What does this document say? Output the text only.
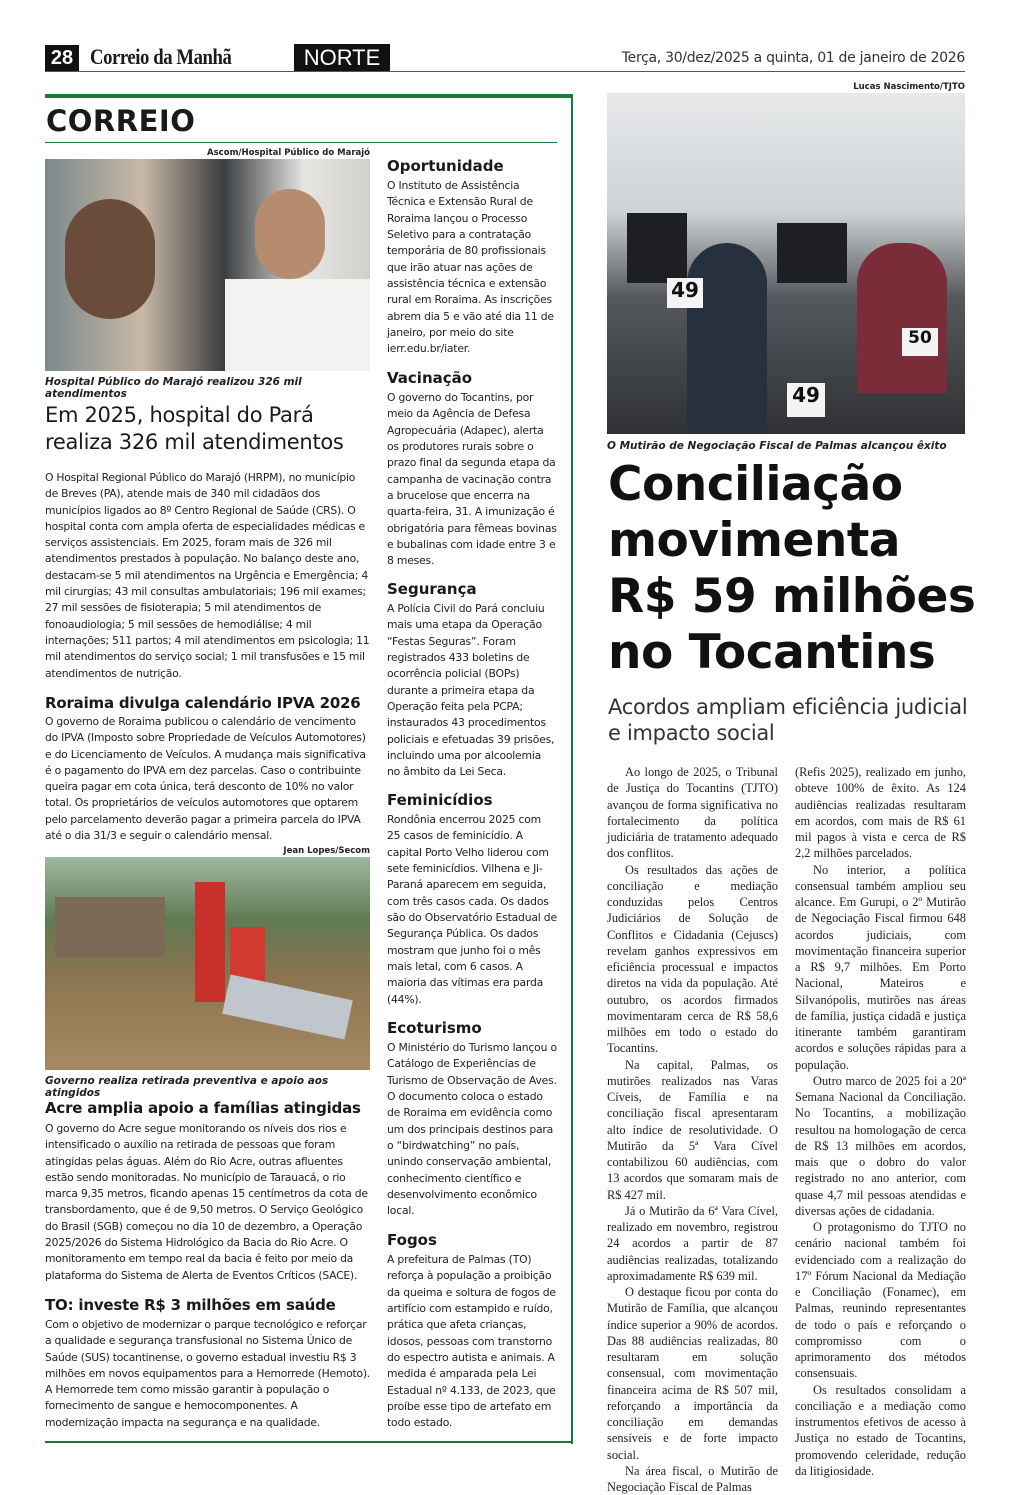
28 Correio da Manhã	NORTE	Terça, 30/dez/2025 a quinta, 01 de janeiro de 2026
CORREIO
Ascom/Hospital Público do Marajó
Hospital Público do Marajó realizou 326 mil atendimentos
Em 2025, hospital do Pará realiza 326 mil atendimentos
O Hospital Regional Público do Marajó (HRPM), no município de Breves (PA), atende mais de 340 mil cidadãos dos municípios ligados ao 8º Centro Regional de Saúde (CRS). O hospital conta com ampla oferta de especialidades médicas e serviços assistenciais. Em 2025, foram mais de 326 mil atendimentos prestados à população. No balanço deste ano, destacam-se 5 mil atendimentos na Urgência e Emergência; 4 mil cirurgias; 43 mil consultas ambulatoriais; 196 mil exames; 27 mil sessões de fisioterapia; 5 mil atendimentos de fonoaudiologia; 5 mil sessões de hemodiálise; 4 mil internações; 511 partos; 4 mil atendimentos em psicologia; 11 mil atendimentos do serviço social; 1 mil transfusões e 15 mil atendimentos de nutrição.
Roraima divulga calendário IPVA 2026
O governo de Roraima publicou o calendário de vencimento do IPVA (Imposto sobre Propriedade de Veículos Automotores) e do Licenciamento de Veículos. A mudança mais significativa é o pagamento do IPVA em dez parcelas. Caso o contribuinte queira pagar em cota única, terá desconto de 10% no valor total. Os proprietários de veículos automotores que optarem pelo parcelamento deverão pagar a primeira parcela do IPVA até o dia 31/3 e seguir o calendário mensal.
Jean Lopes/Secom
Governo realiza retirada preventiva e apoio aos atingidos
Acre amplia apoio a famílias atingidas
O governo do Acre segue monitorando os níveis dos rios e intensificado o auxílio na retirada de pessoas que foram atingidas pelas águas. Além do Rio Acre, outras afluentes estão sendo monitoradas. No município de Tarauacá, o rio marca 9,35 metros, ficando apenas 15 centímetros da cota de transbordamento, que é de 9,50 metros. O Serviço Geológico do Brasil (SGB) começou no dia 10 de dezembro, a Operação 2025/2026 do Sistema Hidrológico da Bacia do Rio Acre. O monitoramento em tempo real da bacia é feito por meio da plataforma do Sistema de Alerta de Eventos Críticos (SACE).
TO: investe R$ 3 milhões em saúde
Com o objetivo de modernizar o parque tecnológico e reforçar a qualidade e segurança transfusional no Sistema Único de Saúde (SUS) tocantinense, o governo estadual investiu R$ 3 milhões em novos equipamentos para a Hemorrede (Hemoto). A Hemorrede tem como missão garantir à população o fornecimento de sangue e hemocomponentes. A modernização impacta na segurança e na qualidade.
Oportunidade
O Instituto de Assistência Técnica e Extensão Rural de Roraima lançou o Processo Seletivo para a contratação temporária de 80 profissionais que irão atuar nas ações de assistência técnica e extensão rural em Roraima. As inscrições abrem dia 5 e vão até dia 11 de janeiro, por meio do site ierr.edu.br/iater.
Vacinação
O governo do Tocantins, por meio da Agência de Defesa Agropecuária (Adapec), alerta os produtores rurais sobre o prazo final da segunda etapa da campanha de vacinação contra a brucelose que encerra na quarta-feira, 31. A imunização é obrigatória para fêmeas bovinas e bubalinas com idade entre 3 e 8 meses.
Segurança
A Polícia Civil do Pará concluiu mais uma etapa da Operação “Festas Seguras”. Foram registrados 433 boletins de ocorrência policial (BOPs) durante a primeira etapa da Operação feita pela PCPA; instaurados 43 procedimentos policiais e efetuadas 39 prisões, incluindo uma por alcoolemia no âmbito da Lei Seca.
Feminicídios
Rondônia encerrou 2025 com 25 casos de feminicídio. A capital Porto Velho liderou com sete feminicídios. Vilhena e Ji-Paraná aparecem em seguida, com três casos cada. Os dados são do Observatório Estadual de Segurança Pública. Os dados mostram que junho foi o mês mais letal, com 6 casos. A maioria das vítimas era parda (44%).
Ecoturismo
O Ministério do Turismo lançou o Catálogo de Experiências de Turismo de Observação de Aves. O documento coloca o estado de Roraima em evidência como um dos principais destinos para o “birdwatching” no país, unindo conservação ambiental, conhecimento científico e desenvolvimento econômico local.
Fogos
A prefeitura de Palmas (TO) reforça à população a proibição da queima e soltura de fogos de artifício com estampido e ruído, prática que afeta crianças, idosos, pessoas com transtorno do espectro autista e animais. A medida é amparada pela Lei Estadual nº 4.133, de 2023, que proíbe esse tipo de artefato em todo estado.
Lucas Nascimento/TJTO
49
50
49
O Mutirão de Negociação Fiscal de Palmas alcançou êxito
Conciliação movimenta R$ 59 milhões no Tocantins
Acordos ampliam eficiência judicial e impacto social

Ao longo de 2025, o Tribunal de Justiça do Tocantins (TJTO) avançou de forma significativa no fortalecimento da política judiciária de tratamento adequado dos conflitos.

Os resultados das ações de conciliação e mediação conduzidas pelos Centros Judiciários de Solução de Conflitos e Cidadania (Cejuscs) revelam ganhos expressivos em eficiência processual e impactos diretos na vida da população. Até outubro, os acordos firmados movimentaram cerca de R$ 58,6 milhões em todo o estado do Tocantins.

Na capital, Palmas, os mutirões realizados nas Varas Cíveis, de Família e na conciliação fiscal apresentaram alto índice de resolutividade. O Mutirão da 5ª Vara Cível contabilizou 60 audiências, com 13 acordos que somaram mais de R$ 427 mil.

Já o Mutirão da 6ª Vara Cível, realizado em novembro, registrou 24 acordos a partir de 87 audiências realizadas, totalizando aproximadamente R$ 639 mil.

O destaque ficou por conta do Mutirão de Família, que alcançou índice superior a 90% de acordos. Das 88 audiências realizadas, 80 resultaram em solução consensual, com movimentação financeira acima de R$ 507 mil, reforçando a importância da conciliação em demandas sensíveis e de forte impacto social.

Na área fiscal, o Mutirão de Negociação Fiscal de Palmas

(Refis 2025), realizado em junho, obteve 100% de êxito. As 124 audiências realizadas resultaram em acordos, com mais de R$ 61 mil pagos à vista e cerca de R$ 2,2 milhões parcelados.

No interior, a política consensual também ampliou seu alcance. Em Gurupi, o 2º Mutirão de Negociação Fiscal firmou 648 acordos judiciais, com movimentação financeira superior a R$ 9,7 milhões. Em Porto Nacional, Mateiros e Silvanópolis, mutirões nas áreas de família, justiça cidadã e justiça itinerante também garantiram acordos e soluções rápidas para a população.

Outro marco de 2025 foi a 20ª Semana Nacional da Conciliação. No Tocantins, a mobilização resultou na homologação de cerca de R$ 13 milhões em acordos, mais que o dobro do valor registrado no ano anterior, com quase 4,7 mil pessoas atendidas e diversas ações de cidadania.

O protagonismo do TJTO no cenário nacional também foi evidenciado com a realização do 17º Fórum Nacional da Mediação e Conciliação (Fonamec), em Palmas, reunindo representantes de todo o país e reforçando o compromisso com o aprimoramento dos métodos consensuais.

Os resultados consolidam a conciliação e a mediação como instrumentos efetivos de acesso à Justiça no estado de Tocantins, promovendo celeridade, redução da litigiosidade.
